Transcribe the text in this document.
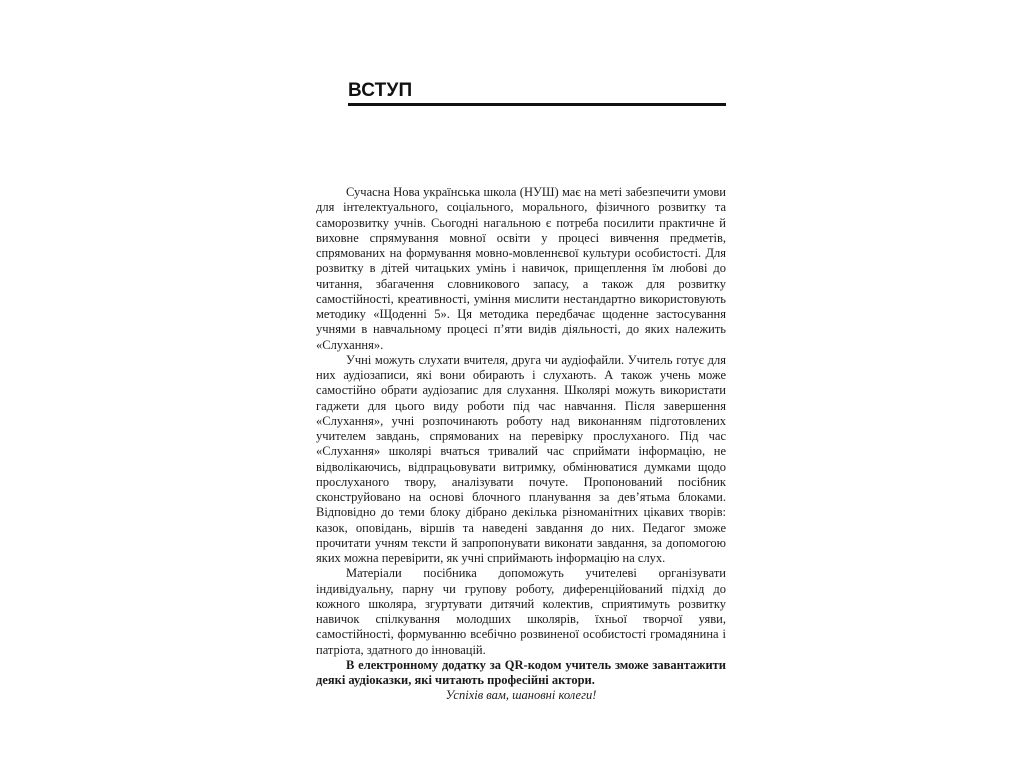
ВСТУП

Сучасна Нова українська школа (НУШ) має на меті забезпечити умови для інтелектуального, соціального, морального, фізичного розвитку та саморозвитку учнів. Сьогодні нагальною є потреба посилити практичне й виховне спрямування мовної освіти у процесі вивчення предметів, спрямованих на формування мовно-мовленнєвої культури особистості. Для розвитку в дітей читацьких умінь і навичок, прищеплення їм любові до читання, збагачення словникового запасу, а також для розвитку самостійності, креативності, уміння мислити нестандартно використовують методику «Щоденні 5». Ця методика передбачає щоденне застосування учнями в навчальному процесі п’яти видів діяльності, до яких належить «Слухання».

Учні можуть слухати вчителя, друга чи аудіофайли. Учитель готує для них аудіозаписи, які вони обирають і слухають. А також учень може самостійно обрати аудіозапис для слухання. Школярі можуть використати гаджети для цього виду роботи під час навчання. Після завершення «Слухання», учні розпочинають роботу над виконанням підготовлених учителем завдань, спрямованих на перевірку прослуханого. Під час «Слухання» школярі вчаться тривалий час сприймати інформацію, не відволікаючись, відпрацьовувати витримку, обмінюватися думками щодо прослуханого твору, аналізувати почуте. Пропонований посібник сконструйовано на основі блочного планування за дев’ятьма блоками. Відповідно до теми блоку дібрано декілька різноманітних цікавих творів: казок, оповідань, віршів та наведені завдання до них. Педагог зможе прочитати учням тексти й запропонувати виконати завдання, за допомогою яких можна перевірити, як учні сприймають інформацію на слух.

Матеріали посібника допоможуть учителеві організувати індивідуальну, парну чи групову роботу, диференційований підхід до кожного школяра, згуртувати дитячий колектив, сприятимуть розвитку навичок спілкування молодших школярів, їхньої творчої уяви, самостійності, формуванню всебічно розвиненої особистості громадянина і патріота, здатного до інновацій.

В електронному додатку за QR-кодом учитель зможе завантажити деякі аудіоказки, які читають професійні актори.

Успіхів вам, шановні колеги!
